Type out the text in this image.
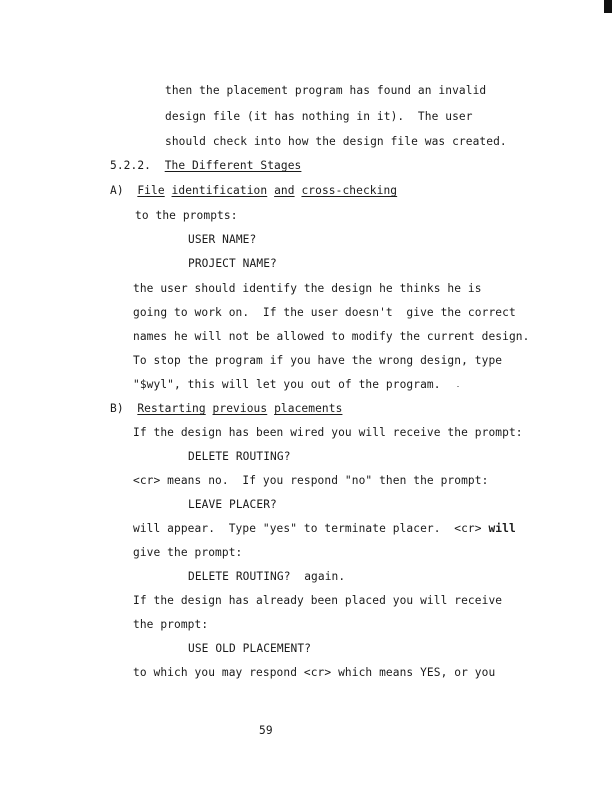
then the placement program has found an invalid
design file (it has nothing in it).  The user
should check into how the design file was created.
5.2.2. The Different Stages
A) File identification and cross-checking
to the prompts:
USER NAME?
PROJECT NAME?
the user should identify the design he thinks he is
going to work on.  If the user doesn't  give the correct
names he will not be allowed to modify the current design.
To stop the program if you have the wrong design, type
"$wyl", this will let you out of the program.
B) Restarting previous placements
If the design has been wired you will receive the prompt:
DELETE ROUTING?
<cr> means no.  If you respond "no" then the prompt:
LEAVE PLACER?
will appear.  Type "yes" to terminate placer.  <cr> will
give the prompt:
DELETE ROUTING?  again.
If the design has already been placed you will receive
the prompt:
USE OLD PLACEMENT?
to which you may respond <cr> which means YES, or you
59
